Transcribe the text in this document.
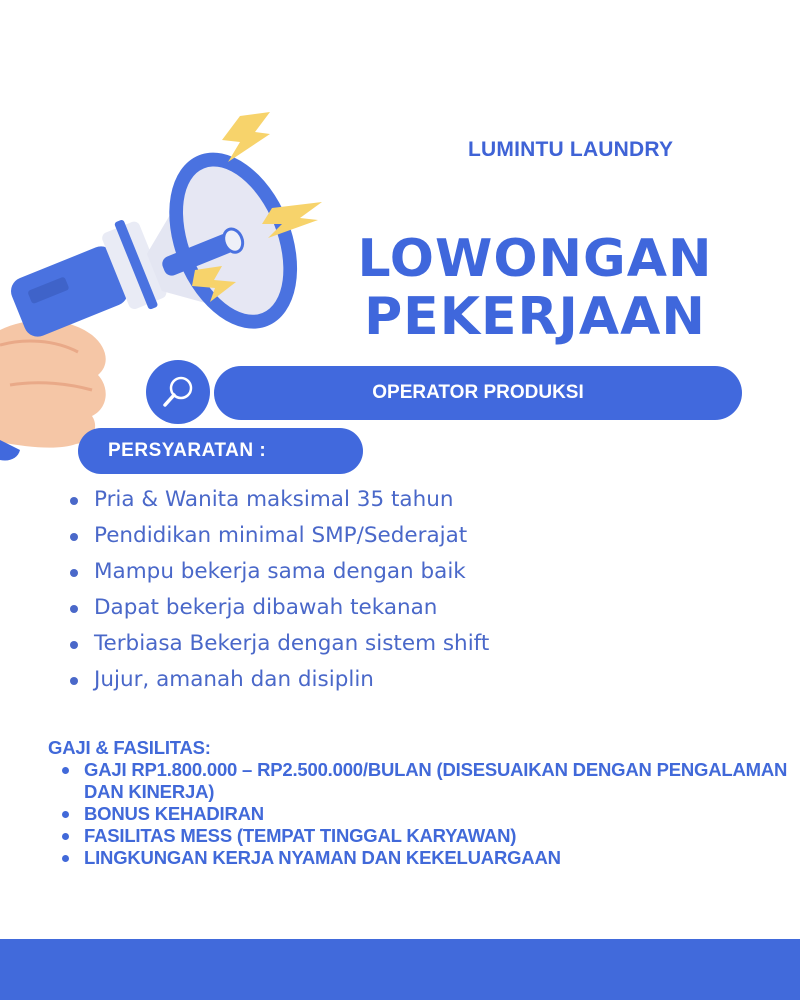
LUMINTU LAUNDRY
LOWONGAN
PEKERJAAN
OPERATOR PRODUKSI
PERSYARATAN :
Pria & Wanita maksimal 35 tahun
Pendidikan minimal SMP/Sederajat
Mampu bekerja sama dengan baik
Dapat bekerja dibawah tekanan
Terbiasa Bekerja dengan sistem shift
Jujur, amanah dan disiplin
GAJI & FASILITAS:
GAJI RP1.800.000 – RP2.500.000/BULAN (DISESUAIKAN DENGAN PENGALAMAN DAN KINERJA)
BONUS KEHADIRAN
FASILITAS MESS (TEMPAT TINGGAL KARYAWAN)
LINGKUNGAN KERJA NYAMAN DAN KEKELUARGAAN
